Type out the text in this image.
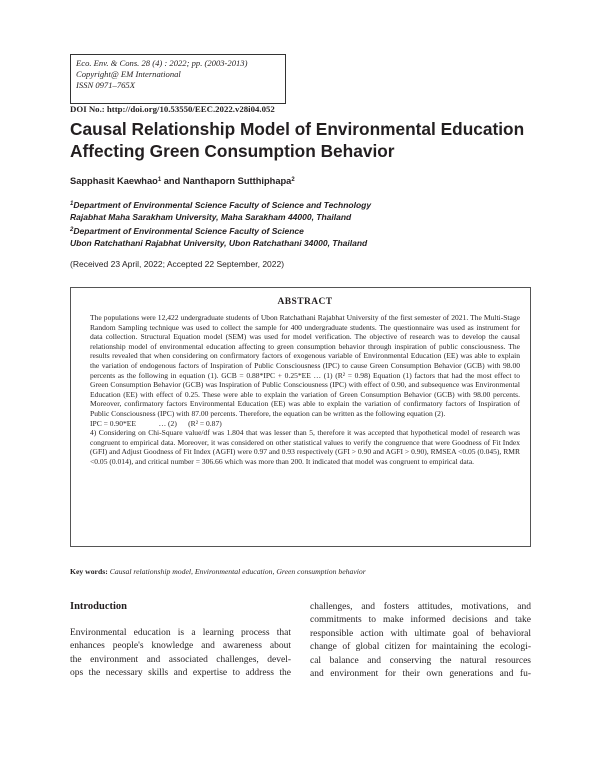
Eco. Env. & Cons. 28 (4) : 2022; pp. (2003-2013)
Copyright@ EM International
ISSN 0971–765X
DOI No.: http://doi.org/10.53550/EEC.2022.v28i04.052
Causal Relationship Model of Environmental Education Affecting Green Consumption Behavior
Sapphasit Kaewhao$^1$ and Nanthaporn Sutthiphapa$^2$
$^1$Department of Environmental Science Faculty of Science and Technology
Rajabhat Maha Sarakham University, Maha Sarakham 44000, Thailand
$^2$Department of Environmental Science Faculty of Science
Ubon Ratchathani Rajabhat University, Ubon Ratchathani 34000, Thailand
(Received 23 April, 2022; Accepted 22 September, 2022)
ABSTRACT

The populations were 12,422 undergraduate students of Ubon Ratchathani Rajabhat University of the first semester of 2021. The Multi-Stage Random Sampling technique was used to collect the sample for 400 undergraduate students. The questionnaire was used as instrument for data collection. Structural Equation model (SEM) was used for model verification. The objective of research was to develop the causal relationship model of environmental education affecting to green consumption behavior through inspiration of public consciousness. The results revealed that when considering on confirmatory factors of exogenous variable of Environmental Education (EE) was able to explain the variation of endogenous factors of Inspiration of Public Consciousness (IPC) to cause Green Consumption Behavior (GCB) with 98.00 percents as the following in equation (1). GCB = 0.88*IPC + 0.25*EE … (1) (R² = 0.98) Equation (1) factors that had the most effect to Green Consumption Behavior (GCB) was Inspiration of Public Consciousness (IPC) with effect of 0.90, and subsequence was Environmental Education (EE) with effect of 0.25. These were able to explain the variation of Green Consumption Behavior (GCB) with 98.00 percents. Moreover, confirmatory factors Environmental Education (EE) was able to explain the variation of confirmatory factors of Inspiration of Public Consciousness (IPC) with 87.00 percents. Therefore, the equation can be written as the following equation (2).

IPC = 0.90*EE            … (2)      (R² = 0.87)

4) Considering on Chi-Square value/df was 1.804 that was lesser than 5, therefore it was accepted that hypothetical model of research was congruent to empirical data. Moreover, it was considered on other statistical values to verify the congruence that were Goodness of Fit Index (GFI) and Adjust Goodness of Fit Index (AGFI) were 0.97 and 0.93 respectively (GFI > 0.90 and AGFI > 0.90), RMSEA <0.05 (0.045), RMR <0.05 (0.014), and critical number = 306.66 which was more than 200. It indicated that model was congruent to empirical data.

Key words: Causal relationship model, Environmental education, Green consumption behavior
Introduction
Environmental education is a learning process that
enhances people's knowledge and awareness about
the environment and associated challenges, devel-
ops the necessary skills and expertise to address the
challenges, and fosters attitudes, motivations, and
commitments to make informed decisions and take
responsible action with ultimate goal of behavioral
change of global citizen for maintaining the ecologi-
cal balance and conserving the natural resources
and environment for their own generations and fu-
